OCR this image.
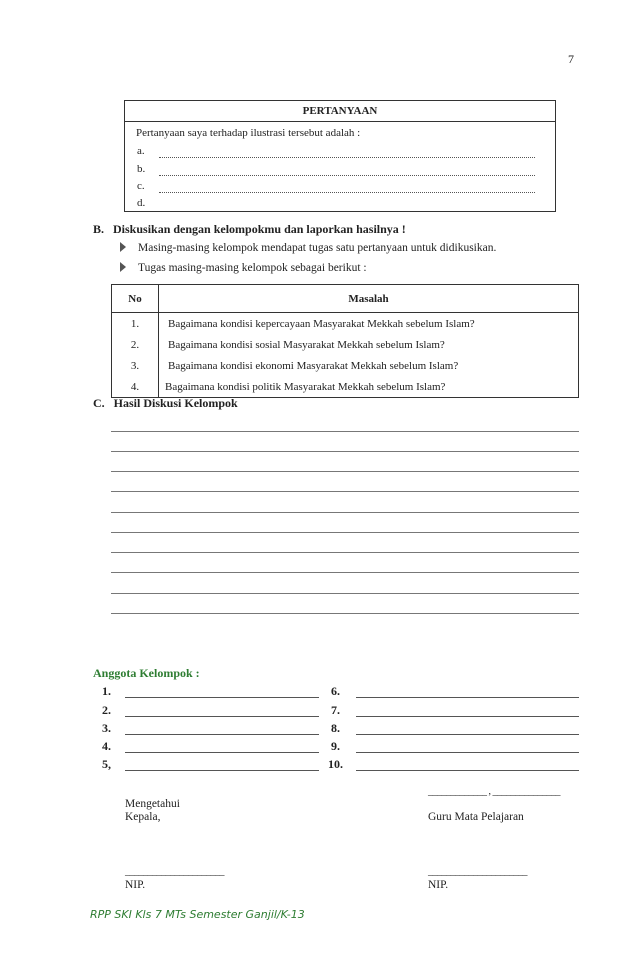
7
PERTANYAAN
Pertanyaan saya terhadap ilustrasi tersebut adalah :
a.
b.
c.
d.
B.   Diskusikan dengan kelompokmu dan laporkan hasilnya !
Masing-masing kelompok mendapat tugas satu pertanyaan untuk didikusikan.
Tugas masing-masing kelompok sebagai berikut :
No	Masalah
1.	Bagaimana kondisi kepercayaan Masyarakat Mekkah sebelum Islam?
2.	Bagaimana kondisi sosial Masyarakat Mekkah sebelum Islam?
3.	Bagaimana kondisi ekonomi Masyarakat Mekkah sebelum Islam?
4.	Bagaimana kondisi politik Masyarakat Mekkah sebelum Islam?
C.   Hasil Diskusi Kelompok
Anggota Kelompok :
1.
2.
3.
4.
5,
6.
7.
8.
9.
10.
_____________ , _______________
Mengetahui
Kepala,	Guru Mata Pelajaran
______________________	______________________
NIP.	NIP.
RPP SKI Kls 7 MTs Semester Ganjil/K-13
